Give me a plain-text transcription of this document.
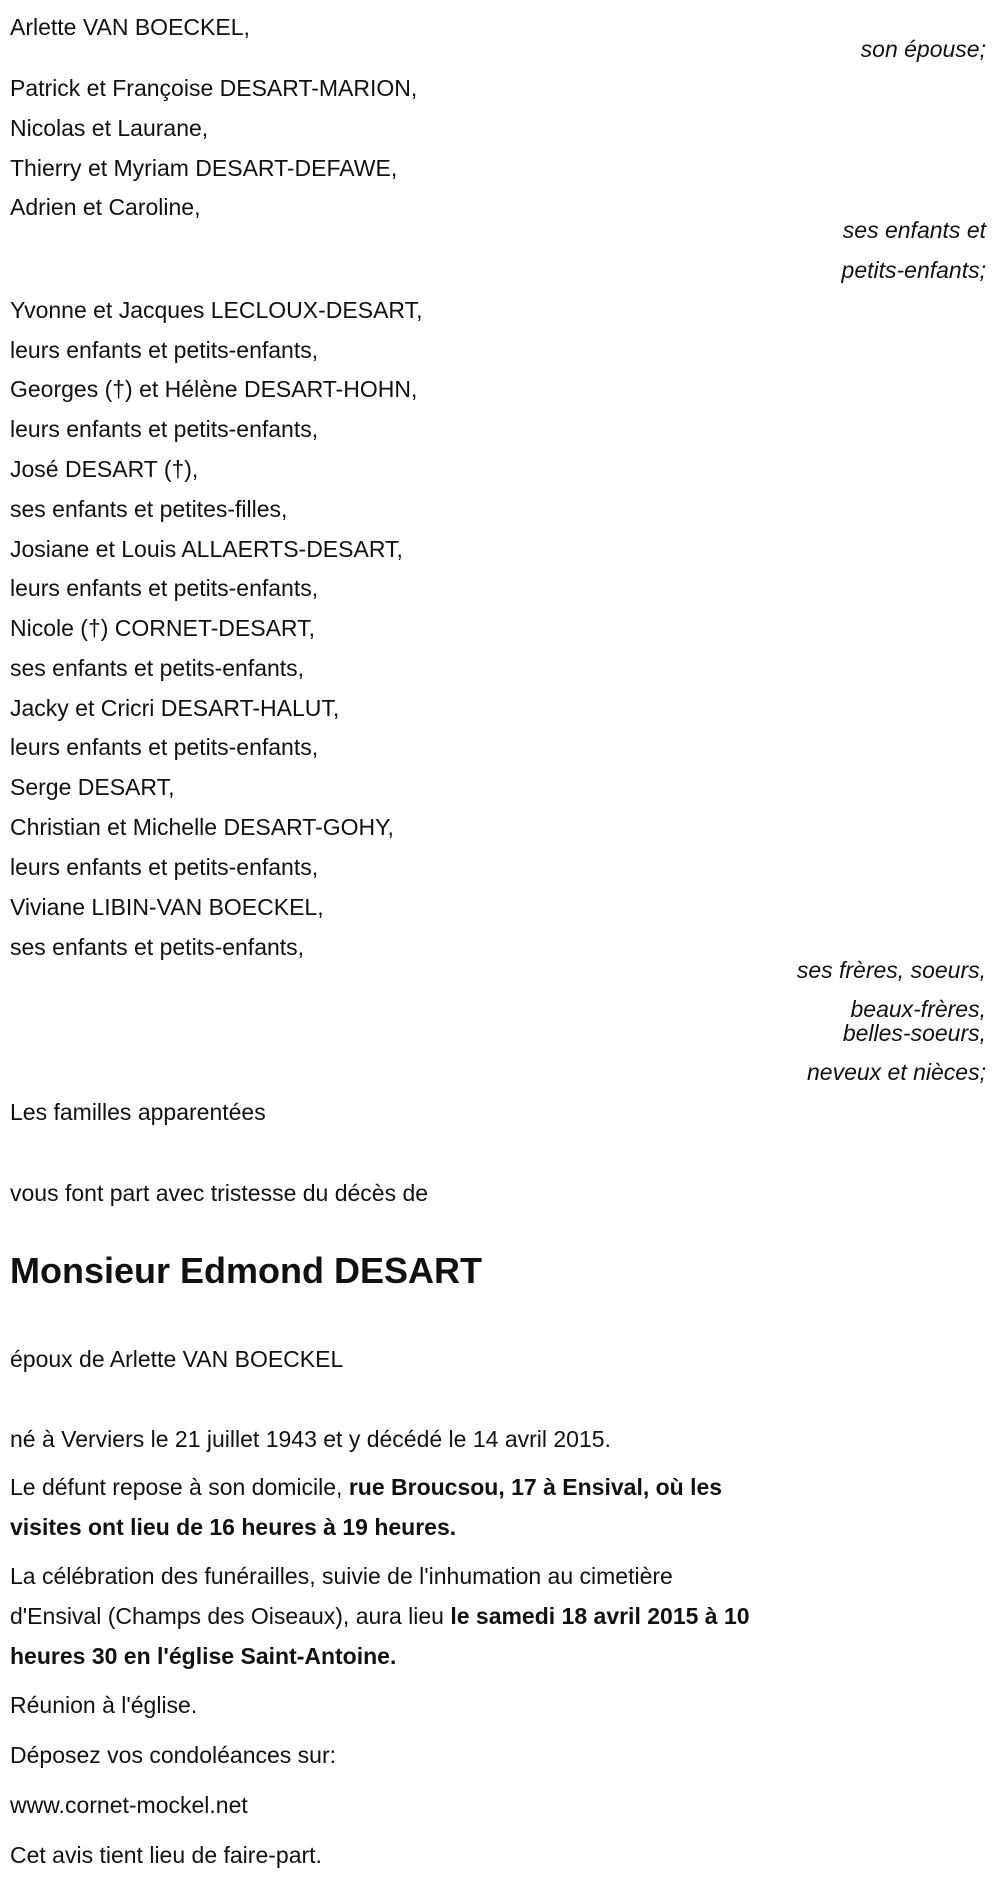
Arlette VAN BOECKEL,
Patrick et Françoise DESART-MARION,
Nicolas et Laurane,
Thierry et Myriam DESART-DEFAWE,
Adrien et Caroline,
Yvonne et Jacques LECLOUX-DESART,
leurs enfants et petits-enfants,
Georges (†) et Hélène DESART-HOHN,
leurs enfants et petits-enfants,
José DESART (†),
ses enfants et petites-filles,
Josiane et Louis ALLAERTS-DESART,
leurs enfants et petits-enfants,
Nicole (†) CORNET-DESART,
ses enfants et petits-enfants,
Jacky et Cricri DESART-HALUT,
leurs enfants et petits-enfants,
Serge DESART,
Christian et Michelle DESART-GOHY,
leurs enfants et petits-enfants,
Viviane LIBIN-VAN BOECKEL,
ses enfants et petits-enfants,
son épouse;
ses enfants et
petits-enfants;
ses frères, soeurs,
beaux-frères,
belles-soeurs,
neveux et nièces;
Les familles apparentées
vous font part avec tristesse du décès de
Monsieur Edmond DESART
époux de Arlette VAN BOECKEL
né à Verviers le 21 juillet 1943 et y décédé le 14 avril 2015.
Le défunt repose à son domicile, rue Broucsou, 17 à Ensival, où les
visites ont lieu de 16 heures à 19 heures.
La célébration des funérailles, suivie de l'inhumation au cimetière
d'Ensival (Champs des Oiseaux), aura lieu le samedi 18 avril 2015 à 10
heures 30 en l'église Saint-Antoine.
Réunion à l'église.
Déposez vos condoléances sur:
www.cornet-mockel.net
Cet avis tient lieu de faire-part.
